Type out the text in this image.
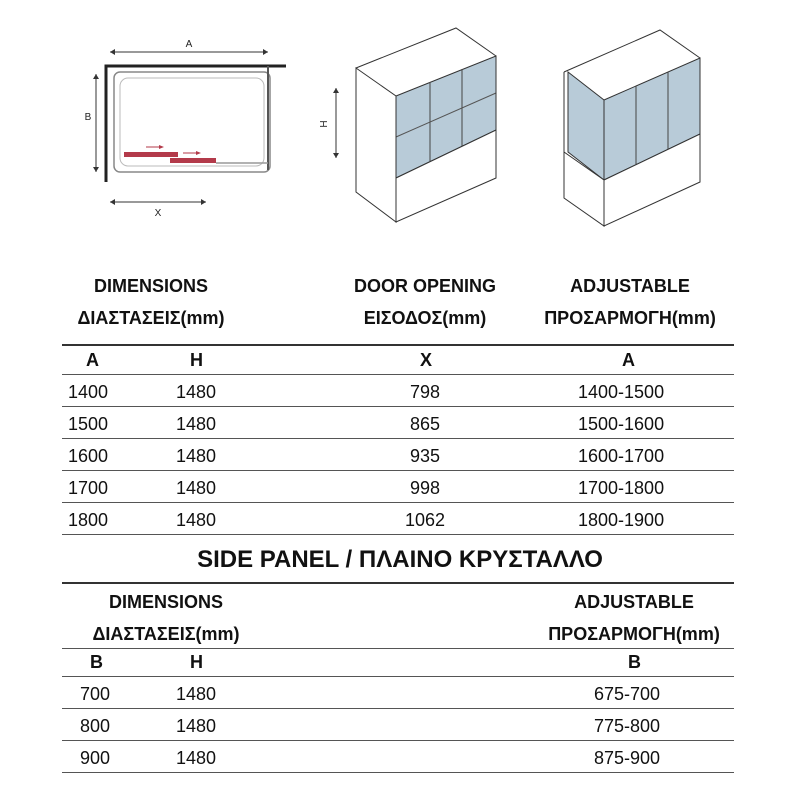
A
B
X
H
DIMENSIONS
ΔΙΑΣΤΑΣΕΙΣ(mm)
DOOR OPENING
ΕΙΣΟΔΟΣ(mm)
ADJUSTABLE
ΠΡΟΣΑΡΜΟΓΗ(mm)
A	H	X	A
1400	1480	798	1400-1500
1500	1480	865	1500-1600
1600	1480	935	1600-1700
1700	1480	998	1700-1800
1800	1480	1062	1800-1900
SIDE PANEL / ΠΛΑΙΝΟ ΚΡΥΣΤΑΛΛΟ
DIMENSIONS
ΔΙΑΣΤΑΣΕΙΣ(mm)
ADJUSTABLE
ΠΡΟΣΑΡΜΟΓΗ(mm)
B	H	B
700	1480	675-700
800	1480	775-800
900	1480	875-900
